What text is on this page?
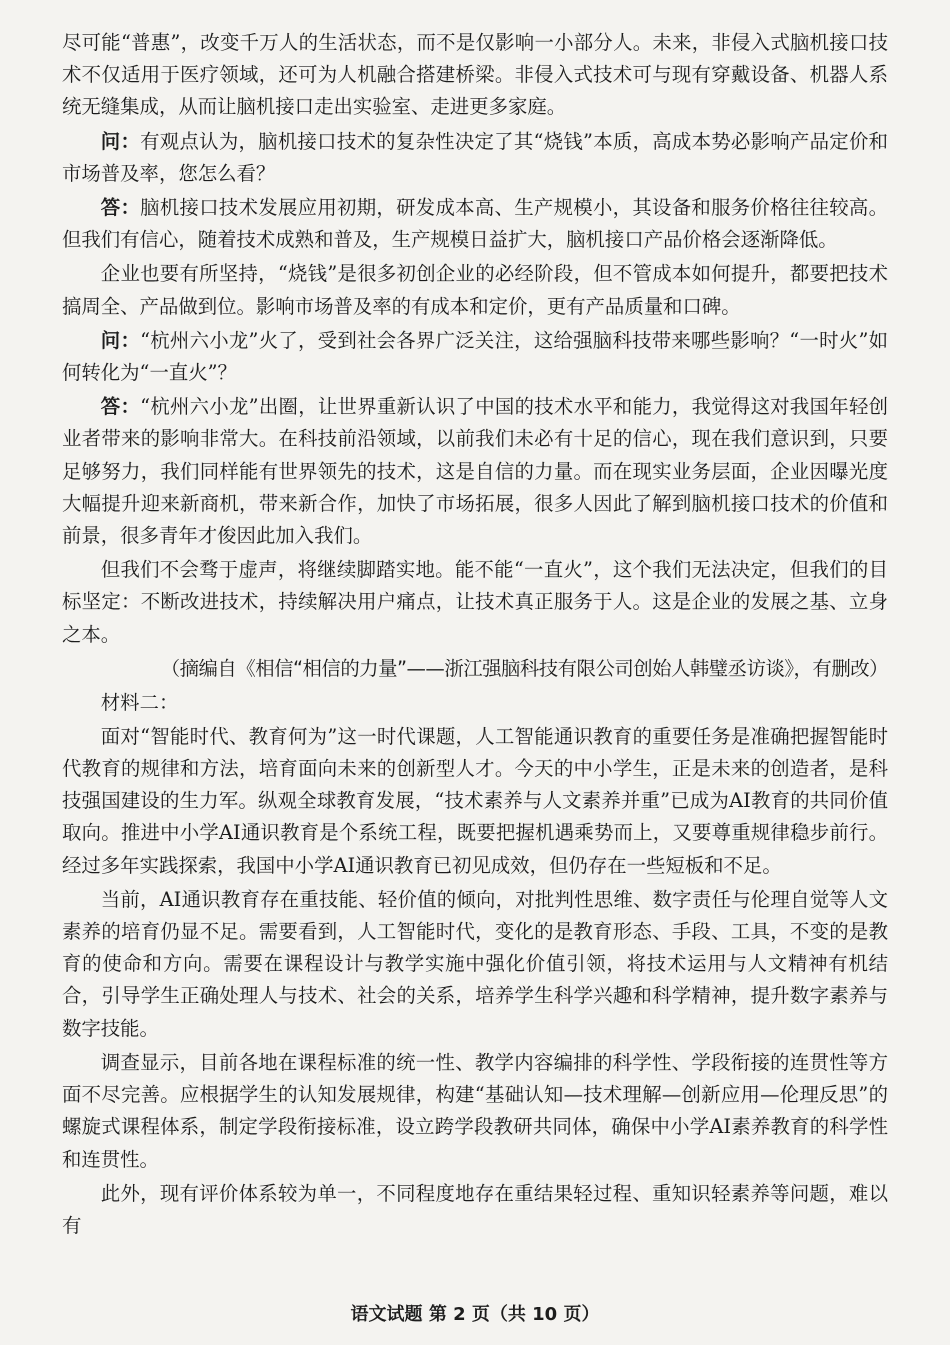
尽可能“普惠”，改变千万人的生活状态，而不是仅影响一小部分人。未来，非侵入式脑机接口技术不仅适用于医疗领域，还可为人机融合搭建桥梁。非侵入式技术可与现有穿戴设备、机器人系统无缝集成，从而让脑机接口走出实验室、走进更多家庭。

问：有观点认为，脑机接口技术的复杂性决定了其“烧钱”本质，高成本势必影响产品定价和市场普及率，您怎么看？

答：脑机接口技术发展应用初期，研发成本高、生产规模小，其设备和服务价格往往较高。但我们有信心，随着技术成熟和普及，生产规模日益扩大，脑机接口产品价格会逐渐降低。

企业也要有所坚持，“烧钱”是很多初创企业的必经阶段，但不管成本如何提升，都要把技术搞周全、产品做到位。影响市场普及率的有成本和定价，更有产品质量和口碑。

问：“杭州六小龙”火了，受到社会各界广泛关注，这给强脑科技带来哪些影响？“一时火”如何转化为“一直火”？

答：“杭州六小龙”出圈，让世界重新认识了中国的技术水平和能力，我觉得这对我国年轻创业者带来的影响非常大。在科技前沿领域，以前我们未必有十足的信心，现在我们意识到，只要足够努力，我们同样能有世界领先的技术，这是自信的力量。而在现实业务层面，企业因曝光度大幅提升迎来新商机，带来新合作，加快了市场拓展，很多人因此了解到脑机接口技术的价值和前景，很多青年才俊因此加入我们。

但我们不会骛于虚声，将继续脚踏实地。能不能“一直火”，这个我们无法决定，但我们的目标坚定：不断改进技术，持续解决用户痛点，让技术真正服务于人。这是企业的发展之基、立身之本。

（摘编自《相信“相信的力量”——浙江强脑科技有限公司创始人韩璧丞访谈》，有删改）
材料二：

面对“智能时代、教育何为”这一时代课题，人工智能通识教育的重要任务是准确把握智能时代教育的规律和方法，培育面向未来的创新型人才。今天的中小学生，正是未来的创造者，是科技强国建设的生力军。纵观全球教育发展，“技术素养与人文素养并重”已成为AI教育的共同价值取向。推进中小学AI通识教育是个系统工程，既要把握机遇乘势而上，又要尊重规律稳步前行。经过多年实践探索，我国中小学AI通识教育已初见成效，但仍存在一些短板和不足。

当前，AI通识教育存在重技能、轻价值的倾向，对批判性思维、数字责任与伦理自觉等人文素养的培育仍显不足。需要看到，人工智能时代，变化的是教育形态、手段、工具，不变的是教育的使命和方向。需要在课程设计与教学实施中强化价值引领，将技术运用与人文精神有机结合，引导学生正确处理人与技术、社会的关系，培养学生科学兴趣和科学精神，提升数字素养与数字技能。

调查显示，目前各地在课程标准的统一性、教学内容编排的科学性、学段衔接的连贯性等方面不尽完善。应根据学生的认知发展规律，构建“基础认知—技术理解—创新应用—伦理反思”的螺旋式课程体系，制定学段衔接标准，设立跨学段教研共同体，确保中小学AI素养教育的科学性和连贯性。

此外，现有评价体系较为单一，不同程度地存在重结果轻过程、重知识轻素养等问题，难以有

语文试题 第 2 页（共 10 页）
